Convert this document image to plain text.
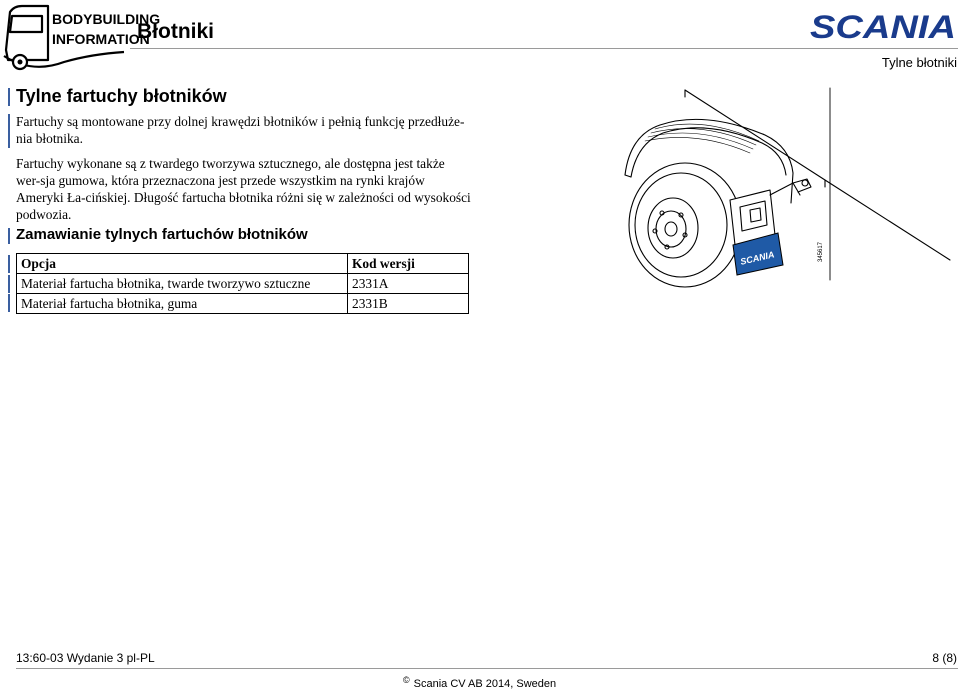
BODYBUILDING
INFORMATION
Błotniki	SCANIA
Tylne błotniki
Tylne fartuchy błotników
Fartuchy są montowane przy dolnej krawędzi błotników i pełnią funkcję przedłuże-nia błotnika.
Fartuchy wykonane są z twardego tworzywa sztucznego, ale dostępna jest także wer-sja gumowa, która przeznaczona jest przede wszystkim na rynki krajów Ameryki Ła-cińskiej. Długość fartucha błotnika różni się w zależności od wysokości podwozia.
Zamawianie tylnych fartuchów błotników
Opcja	Kod wersji
Materiał fartucha błotnika, twarde tworzywo sztuczne	2331A
Materiał fartucha błotnika, guma	2331B
SCANIA	345617
13:60-03 Wydanie 3 pl-PL	8 (8)
© Scania CV AB 2014, Sweden
